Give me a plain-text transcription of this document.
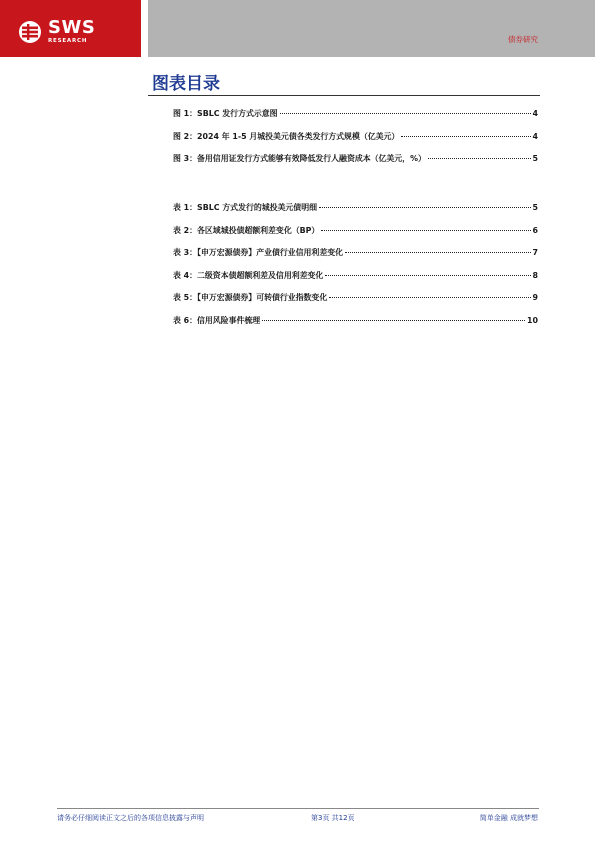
SWS
RESEARCH	债券研究
图表目录
图 1：SBLC 发行方式示意图	4
图 2：2024 年 1-5 月城投美元债各类发行方式规模（亿美元）	4
图 3：备用信用证发行方式能够有效降低发行人融资成本（亿美元，%）	5
表 1：SBLC 方式发行的城投美元债明细	5
表 2：各区域城投债超额利差变化（BP）	6
表 3：【申万宏源债券】产业债行业信用利差变化	7
表 4：二级资本债超额利差及信用利差变化	8
表 5：【申万宏源债券】可转债行业指数变化	9
表 6：信用风险事件梳理	10
请务必仔细阅读正文之后的各项信息披露与声明	第3页 共12页	简单金融 成就梦想
